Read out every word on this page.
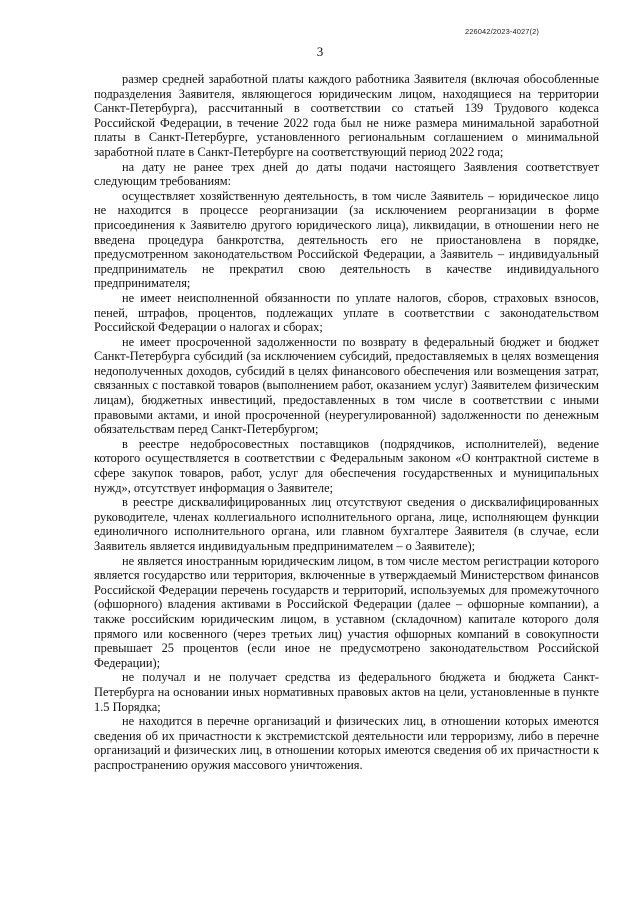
226042/2023-4027(2)
3

размер средней заработной платы каждого работника Заявителя (включая обособленные подразделения Заявителя, являющегося юридическим лицом, находящиеся на территории Санкт-Петербурга), рассчитанный в соответствии со статьей 139 Трудового кодекса Российской Федерации, в течение 2022 года был не ниже размера минимальной заработной платы в Санкт-Петербурге, установленного региональным соглашением о минимальной заработной плате в Санкт-Петербурге на соответствующий период 2022 года;

на дату не ранее трех дней до даты подачи настоящего Заявления соответствует следующим требованиям:

осуществляет хозяйственную деятельность, в том числе Заявитель – юридическое лицо не находится в процессе реорганизации (за исключением реорганизации в форме присоединения к Заявителю другого юридического лица), ликвидации, в отношении него не введена процедура банкротства, деятельность его не приостановлена в порядке, предусмотренном законодательством Российской Федерации, а Заявитель – индивидуальный предприниматель не прекратил свою деятельность в качестве индивидуального предпринимателя;

не имеет неисполненной обязанности по уплате налогов, сборов, страховых взносов, пеней, штрафов, процентов, подлежащих уплате в соответствии с законодательством Российской Федерации о налогах и сборах;

не имеет просроченной задолженности по возврату в федеральный бюджет и бюджет Санкт-Петербурга субсидий (за исключением субсидий, предоставляемых в целях возмещения недополученных доходов, субсидий в целях финансового обеспечения или возмещения затрат, связанных с поставкой товаров (выполнением работ, оказанием услуг) Заявителем физическим лицам), бюджетных инвестиций, предоставленных в том числе в соответствии с иными правовыми актами, и иной просроченной (неурегулированной) задолженности по денежным обязательствам перед Санкт-Петербургом;

в реестре недобросовестных поставщиков (подрядчиков, исполнителей), ведение которого осуществляется в соответствии с Федеральным законом «О контрактной системе в сфере закупок товаров, работ, услуг для обеспечения государственных и муниципальных нужд», отсутствует информация о Заявителе;

в реестре дисквалифицированных лиц отсутствуют сведения о дисквалифицированных руководителе, членах коллегиального исполнительного органа, лице, исполняющем функции единоличного исполнительного органа, или главном бухгалтере Заявителя (в случае, если Заявитель является индивидуальным предпринимателем – о Заявителе);

не является иностранным юридическим лицом, в том числе местом регистрации которого является государство или территория, включенные в утверждаемый Министерством финансов Российской Федерации перечень государств и территорий, используемых для промежуточного (офшорного) владения активами в Российской Федерации (далее – офшорные компании), а также российским юридическим лицом, в уставном (складочном) капитале которого доля прямого или косвенного (через третьих лиц) участия офшорных компаний в совокупности превышает 25 процентов (если иное не предусмотрено законодательством Российской Федерации);

не получал и не получает средства из федерального бюджета и бюджета Санкт-Петербурга на основании иных нормативных правовых актов на цели, установленные в пункте 1.5 Порядка;

не находится в перечне организаций и физических лиц, в отношении которых имеются сведения об их причастности к экстремистской деятельности или терроризму, либо в перечне организаций и физических лиц, в отношении которых имеются сведения об их причастности к распространению оружия массового уничтожения.
